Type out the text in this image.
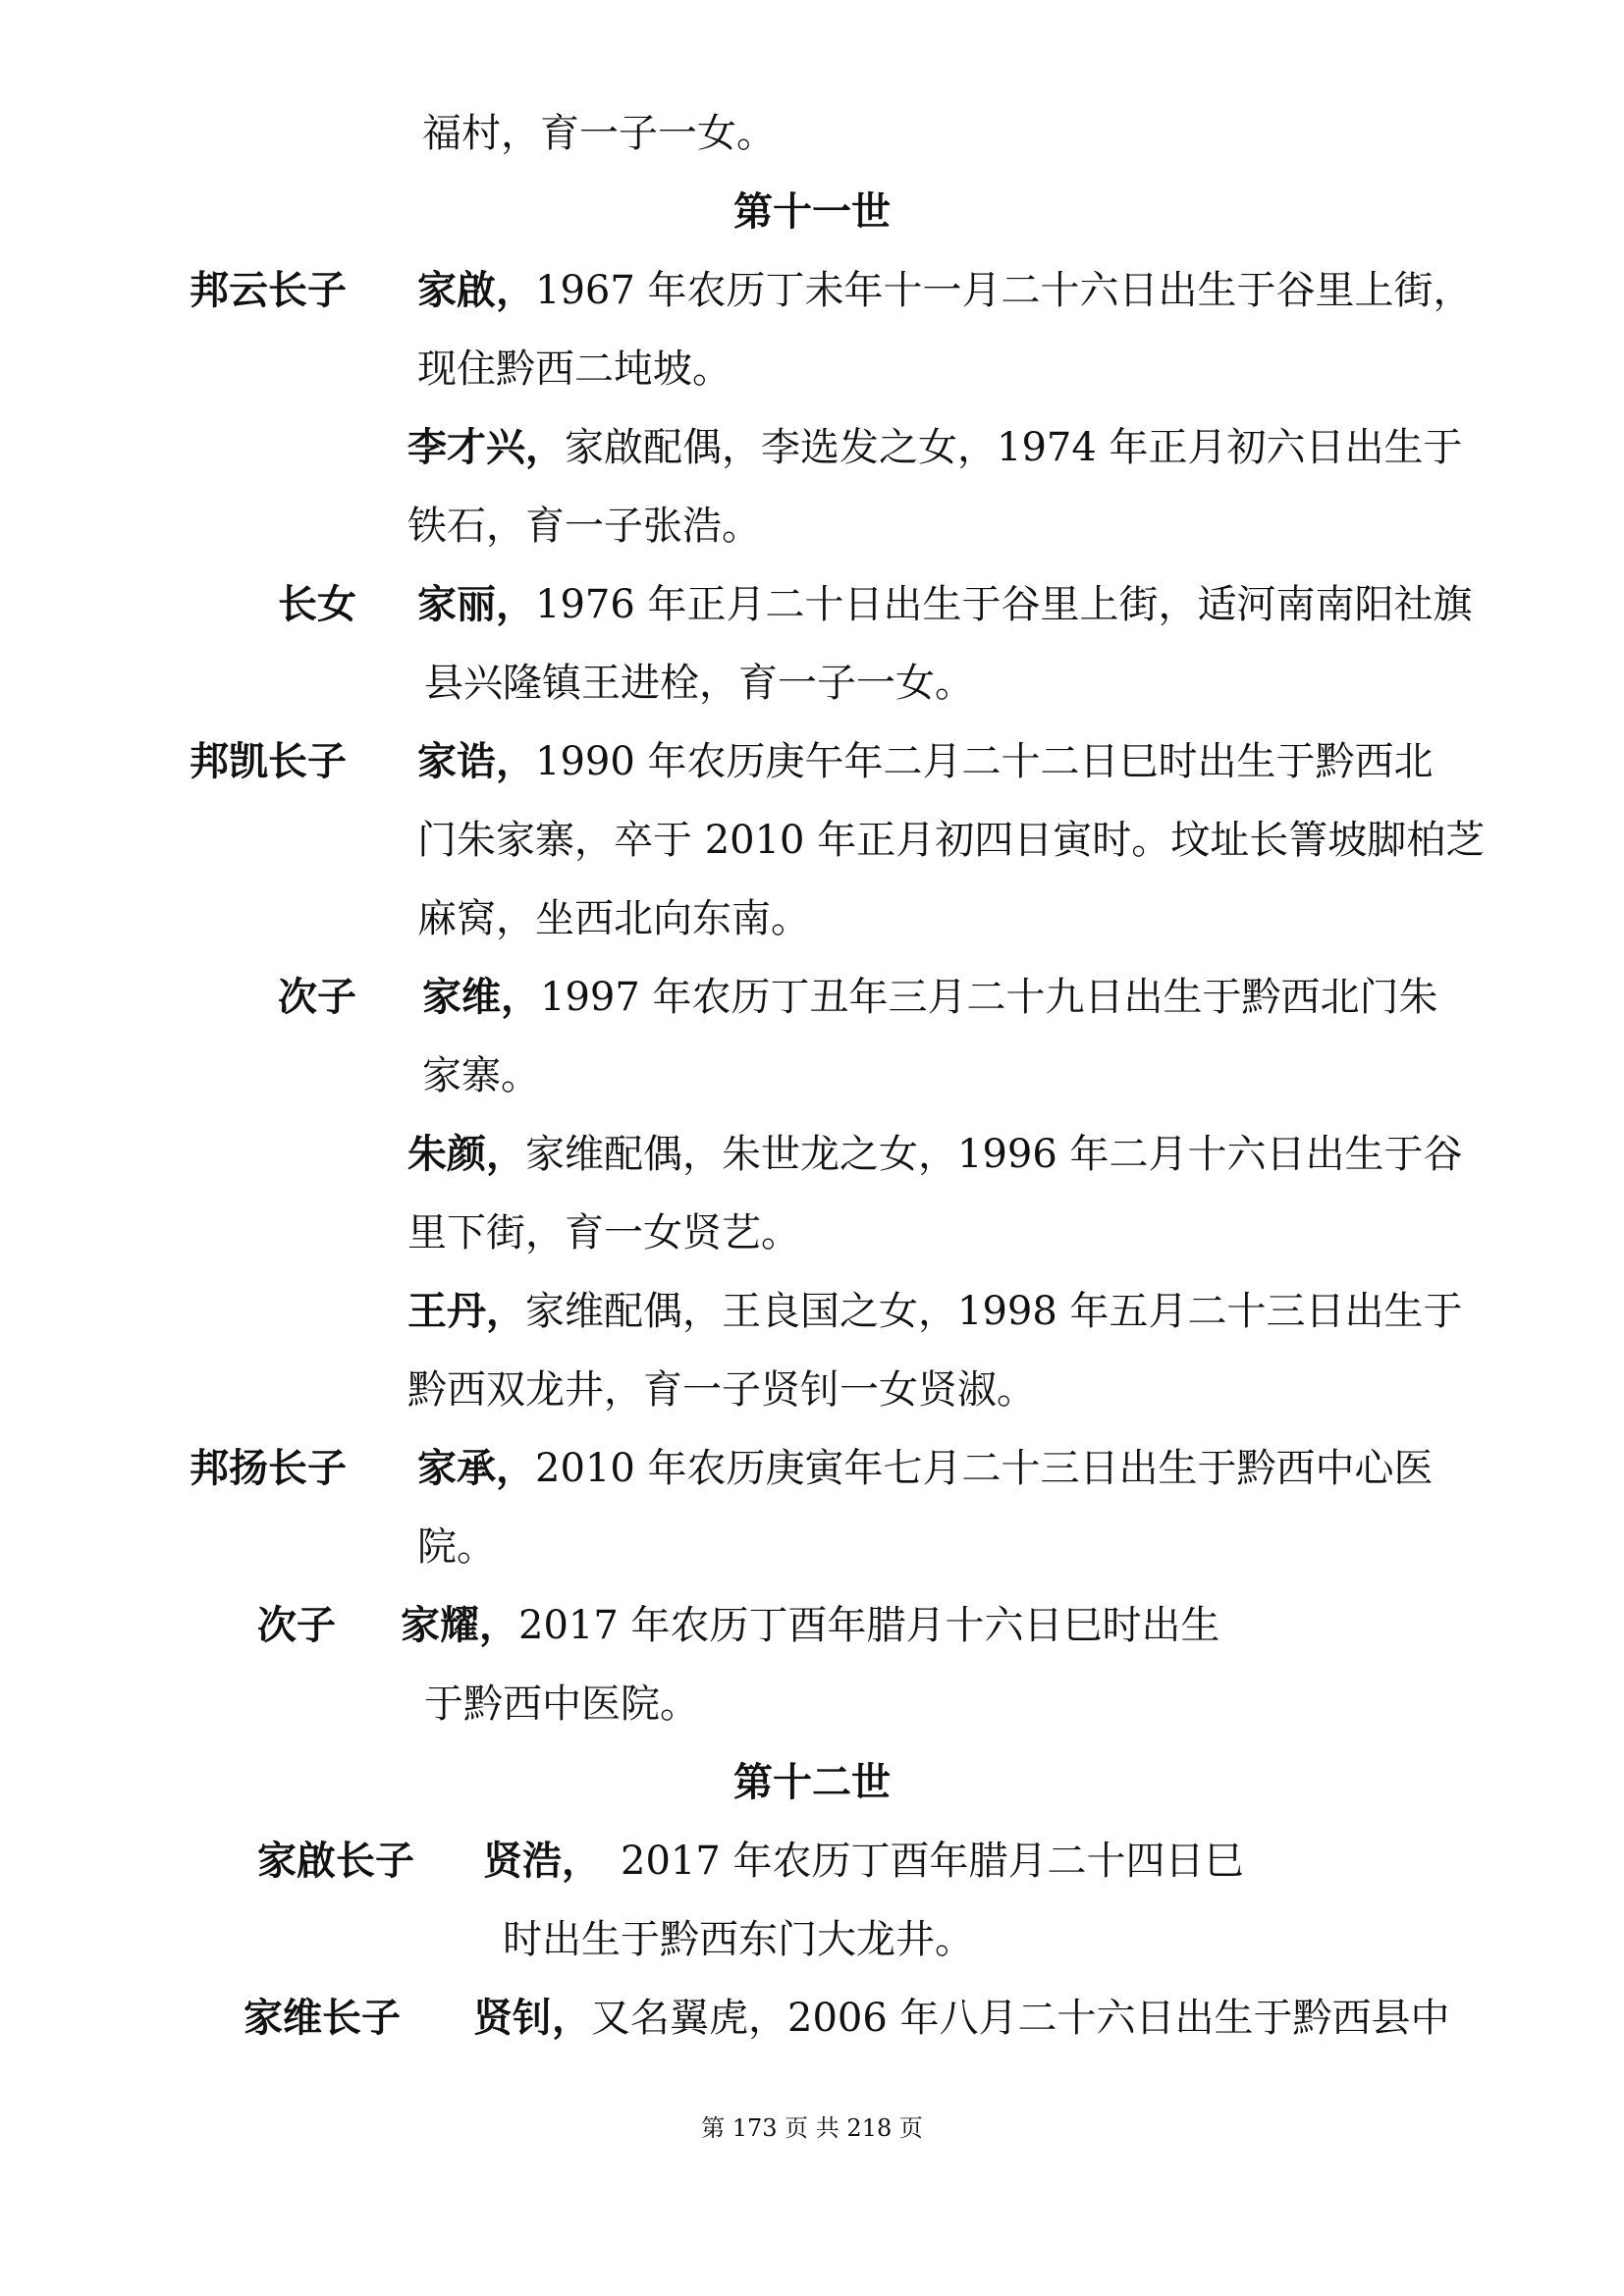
福村，育一子一女。
第十一世
邦云长子 家啟，1967 年农历丁未年十一月二十六日出生于谷里上街，
现住黔西二坉坡。
李才兴，家啟配偶，李选发之女，1974 年正月初六日出生于
铁石，育一子张浩。
长女 家丽，1976 年正月二十日出生于谷里上街，适河南南阳社旗
县兴隆镇王进栓，育一子一女。
邦凯长子 家诰，1990 年农历庚午年二月二十二日巳时出生于黔西北
门朱家寨，卒于 2010 年正月初四日寅时。坟址长箐坡脚柏芝
麻窝，坐西北向东南。
次子 家维，1997 年农历丁丑年三月二十九日出生于黔西北门朱
家寨。
朱颜，家维配偶，朱世龙之女，1996 年二月十六日出生于谷
里下街，育一女贤艺。
王丹，家维配偶，王良国之女，1998 年五月二十三日出生于
黔西双龙井，育一子贤钊一女贤淑。
邦扬长子 家承，2010 年农历庚寅年七月二十三日出生于黔西中心医
院。
次子 家耀，2017 年农历丁酉年腊月十六日巳时出生
于黔西中医院。
第十二世
家啟长子 贤浩， 2017 年农历丁酉年腊月二十四日巳
时出生于黔西东门大龙井。
家维长子 贤钊，又名翼虎，2006 年八月二十六日出生于黔西县中
第 173 页 共 218 页
